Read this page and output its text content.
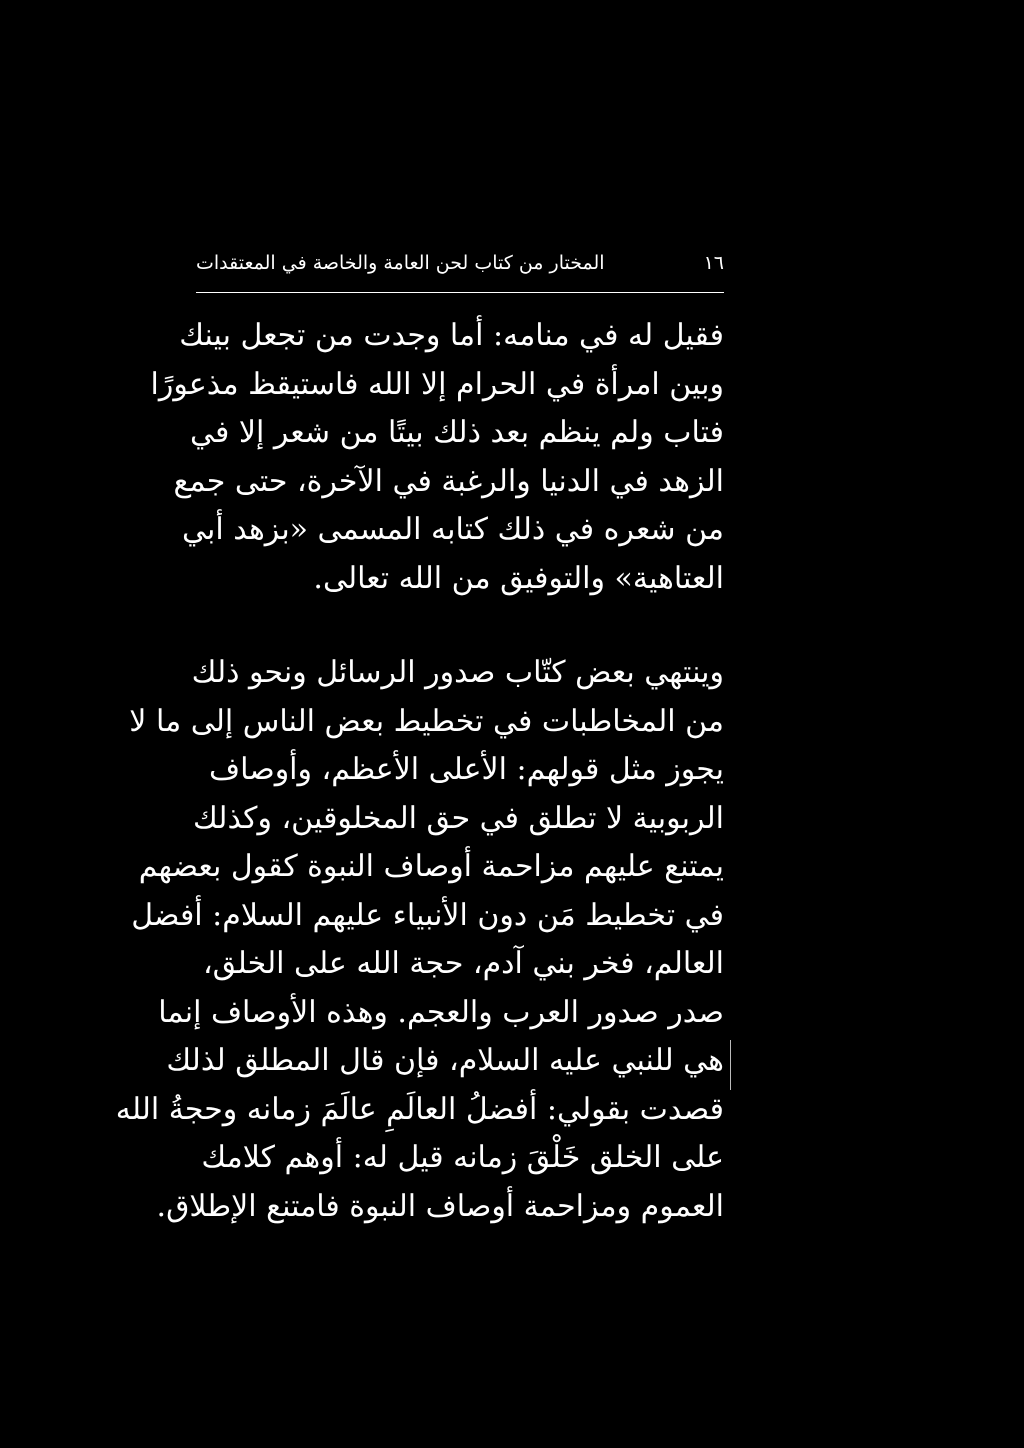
المختار من كتاب لحن العامة والخاصة في المعتقدات	١٦
فقيل له في منامه: أما وجدت من تجعل بينك
وبين امرأة في الحرام إلا الله فاستيقظ مذعورًا
فتاب ولم ينظم بعد ذلك بيتًا من شعر إلا في
الزهد في الدنيا والرغبة في الآخرة، حتى جمع
من شعره في ذلك كتابه المسمى «بزهد أبي
العتاهية» والتوفيق من الله تعالى.
وينتهي بعض كتّاب صدور الرسائل ونحو ذلك
من المخاطبات في تخطيط بعض الناس إلى ما لا
يجوز مثل قولهم: الأعلى الأعظم، وأوصاف
الربوبية لا تطلق في حق المخلوقين، وكذلك
يمتنع عليهم مزاحمة أوصاف النبوة كقول بعضهم
في تخطيط مَن دون الأنبياء عليهم السلام: أفضل
العالم، فخر بني آدم، حجة الله على الخلق،
صدر صدور العرب والعجم. وهذه الأوصاف إنما
هي للنبي عليه السلام، فإن قال المطلق لذلك
قصدت بقولي: أفضلُ العالَمِ عالَمَ زمانه وحجةُ الله
على الخلق خَلْقَ زمانه قيل له: أوهم كلامك
العموم ومزاحمة أوصاف النبوة فامتنع الإطلاق.
